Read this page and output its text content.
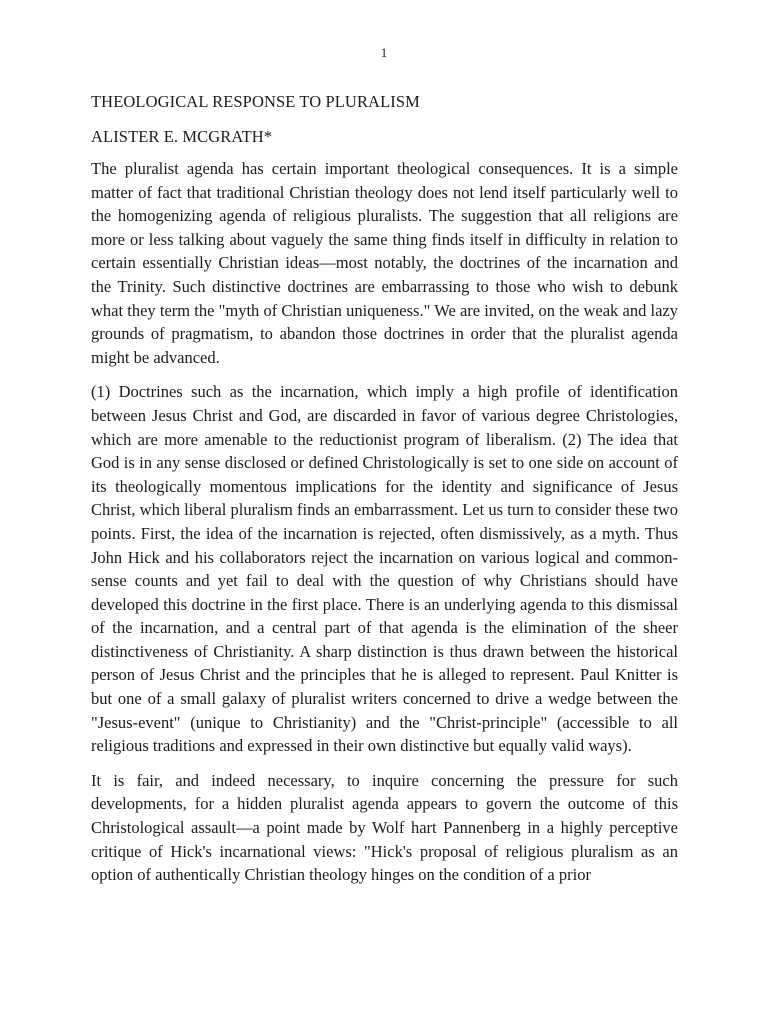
1
THEOLOGICAL RESPONSE TO PLURALISM

ALISTER E. MCGRATH*

The pluralist agenda has certain important theological consequences. It is a simple matter of fact that traditional Christian theology does not lend itself particularly well to the homogenizing agenda of religious pluralists. The suggestion that all religions are more or less talking about vaguely the same thing finds itself in difficulty in relation to certain essentially Christian ideas—most notably, the doctrines of the incarnation and the Trinity. Such distinctive doctrines are embarrassing to those who wish to debunk what they term the "myth of Christian uniqueness." We are invited, on the weak and lazy grounds of pragmatism, to abandon those doctrines in order that the pluralist agenda might be advanced.

(1) Doctrines such as the incarnation, which imply a high profile of identification between Jesus Christ and God, are discarded in favor of various degree Christologies, which are more amenable to the reductionist program of liberalism. (2) The idea that God is in any sense disclosed or defined Christologically is set to one side on account of its theologically momentous implications for the identity and significance of Jesus Christ, which liberal pluralism finds an embarrassment. Let us turn to consider these two points. First, the idea of the incarnation is rejected, often dismissively, as a myth. Thus John Hick and his collaborators reject the incarnation on various logical and common-sense counts and yet fail to deal with the question of why Christians should have developed this doctrine in the first place. There is an underlying agenda to this dismissal of the incarnation, and a central part of that agenda is the elimination of the sheer distinctiveness of Christianity. A sharp distinction is thus drawn between the historical person of Jesus Christ and the principles that he is alleged to represent. Paul Knitter is but one of a small galaxy of pluralist writers concerned to drive a wedge between the "Jesus-event" (unique to Christianity) and the "Christ-principle" (accessible to all religious traditions and expressed in their own distinctive but equally valid ways).

It is fair, and indeed necessary, to inquire concerning the pressure for such developments, for a hidden pluralist agenda appears to govern the outcome of this Christological assault—a point made by Wolf hart Pannenberg in a highly perceptive critique of Hick's incarnational views: "Hick's proposal of religious pluralism as an option of authentically Christian theology hinges on the condition of a prior
